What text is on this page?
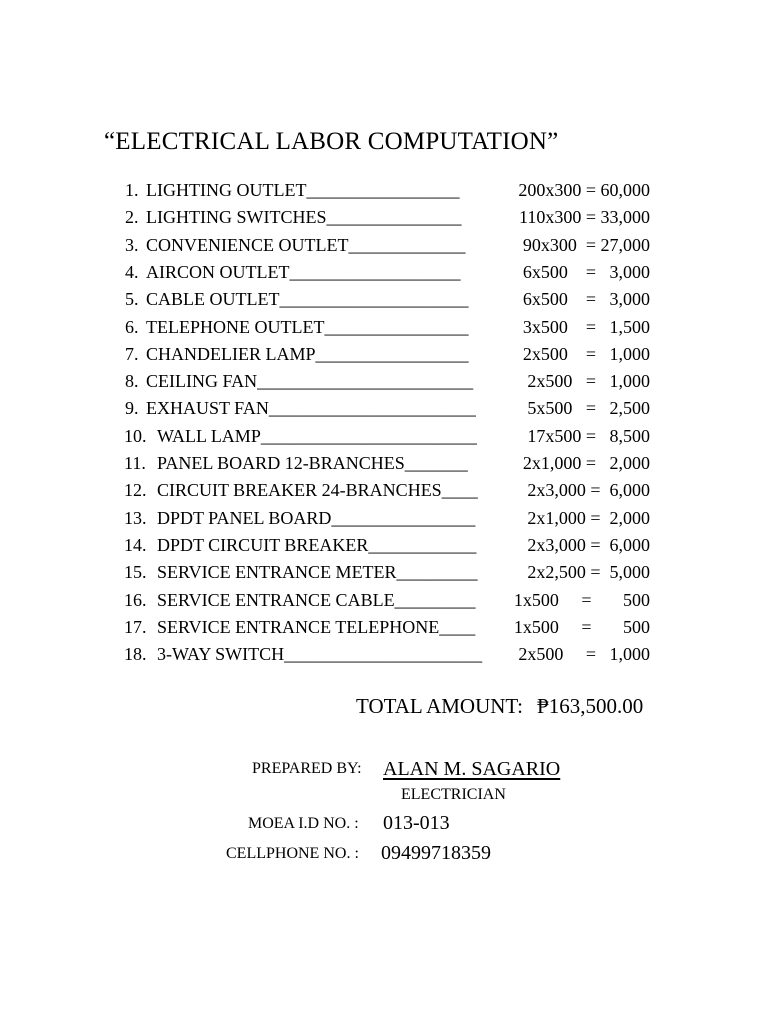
“ELECTRICAL LABOR COMPUTATION”
1. LIGHTING OUTLET_________________	200x300 = 60,000
2. LIGHTING SWITCHES_______________	110x300 = 33,000
3. CONVENIENCE OUTLET_____________	90x300  = 27,000
4. AIRCON OUTLET___________________	6x500    =   3,000
5. CABLE OUTLET_____________________	6x500    =   3,000
6. TELEPHONE OUTLET________________	3x500    =   1,500
7. CHANDELIER LAMP_________________	2x500    =   1,000
8. CEILING FAN________________________	2x500   =   1,000
9. EXHAUST FAN_______________________	5x500   =   2,500
10. WALL LAMP________________________	17x500 =   8,500
11. PANEL BOARD 12-BRANCHES_______	2x1,000 =   2,000
12. CIRCUIT BREAKER 24-BRANCHES____	2x3,000 =  6,000
13. DPDT PANEL BOARD________________	2x1,000 =  2,000
14. DPDT CIRCUIT BREAKER____________	2x3,000 =  6,000
15. SERVICE ENTRANCE METER_________	2x2,500 =  5,000
16. SERVICE ENTRANCE CABLE_________ 1x500     =       500
17. SERVICE ENTRANCE TELEPHONE____ 1x500     =       500
18. 3-WAY SWITCH______________________ 2x500     =   1,000
TOTAL AMOUNT: ₱163,500.00
PREPARED BY: ALAN M. SAGARIO
ELECTRICIAN
MOEA I.D NO. : 013-013
CELLPHONE NO. : 09499718359
